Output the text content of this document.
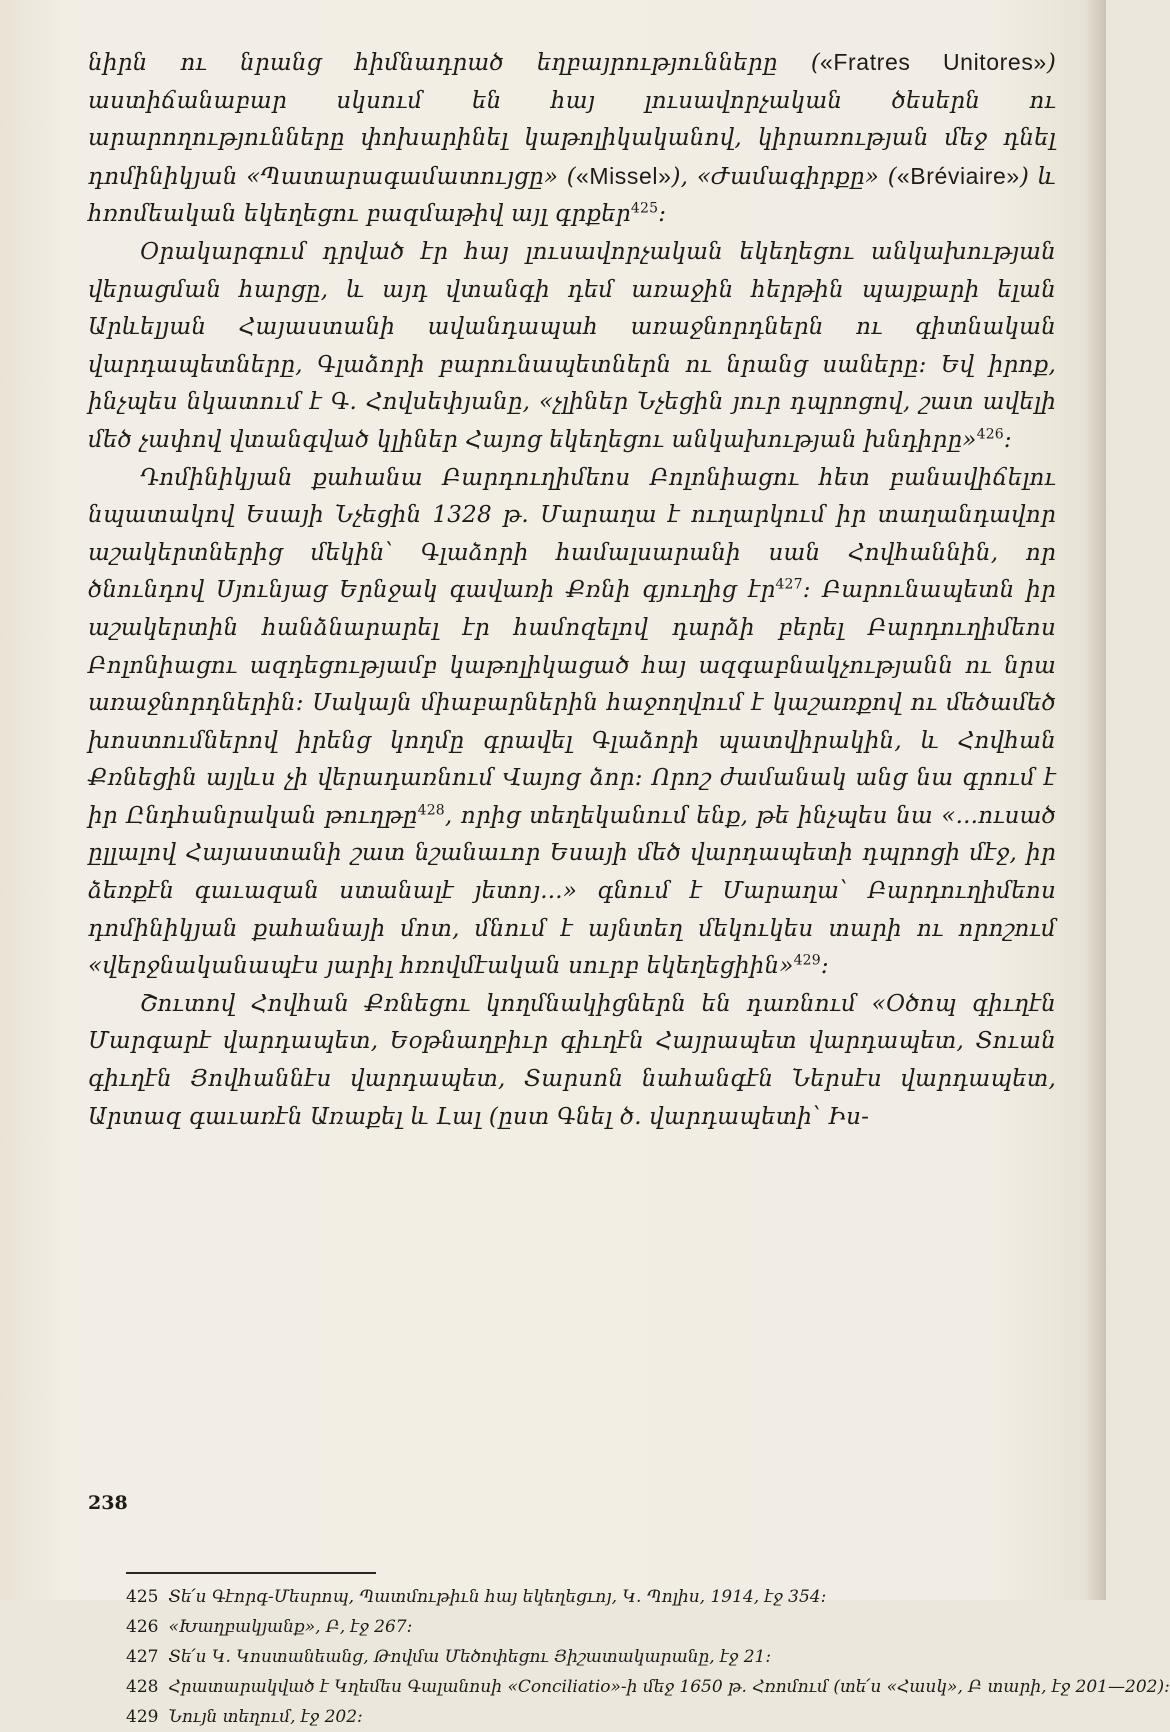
նիրն ու նրանց հիմնադրած եղբայրությունները («Fratres Unitores») աստիճանաբար սկսում են հայ լուսավորչական ծեսերն ու արարողությունները փոխարինել կաթոլիկականով, կիրառության մեջ դնել դոմինիկյան «Պատարագամատույցը» («Missel»), «Ժամագիրքը» («Bréviaire») և հռոմեական եկեղեցու բազմաթիվ այլ գրքեր$^{425}$:

Օրակարգում դրված էր հայ լուսավորչական եկեղեցու անկախության վերացման հարցը, և այդ վտանգի դեմ առաջին հերթին պայքարի ելան Արևելյան Հայաստանի ավանդապահ առաջնորդներն ու գիտնական վարդապետները, Գլաձորի բարունապետներն ու նրանց սաները: Եվ իրոք, ինչպես նկատում է Գ. Հովսեփյանը, «չլիներ Նչեցին յուր դպրոցով, շատ ավելի մեծ չափով վտանգված կլիներ Հայոց եկեղեցու անկախության խնդիրը»$^{426}$:

Դոմինիկյան քահանա Բարդուղիմեոս Բոլոնիացու հետ բանավիճելու նպատակով Եսայի Նչեցին 1328 թ. Մարաղա է ուղարկում իր տաղանդավոր աշակերտներից մեկին՝ Գլաձորի համալսարանի սան Հովհաննին, որ ծնունդով Սյունյաց Երնջակ գավառի Քռնի գյուղից էր$^{427}$: Բարունապետն իր աշակերտին հանձնարարել էր համոզելով դարձի բերել Բարդուղիմեոս Բոլոնիացու ազդեցությամբ կաթոլիկացած հայ ազգաբնակչությանն ու նրա առաջնորդներին: Սակայն միաբարներին հաջողվում է կաշառքով ու մեծամեծ խոստումներով իրենց կողմը գրավել Գլաձորի պատվիրակին, և Հովհան Քռնեցին այլևս չի վերադառնում Վայոց ձոր: Որոշ ժամանակ անց նա գրում է իր Ընդհանրական թուղթը$^{428}$, որից տեղեկանում ենք, թե ինչպես նա «...ուսած ըլլալով Հայաստանի շատ նշանաւոր Եսայի մեծ վարդապետի դպրոցի մէջ, իր ձեռքէն գաւազան ստանալէ յետոյ...» գնում է Մարաղա՝ Բարդուղիմեոս դոմինիկյան քահանայի մոտ, մնում է այնտեղ մեկուկես տարի ու որոշում «վերջնականապէս յարիլ հռովմէական սուրբ եկեղեցիին»$^{429}$:

Շուտով Հովհան Քռնեցու կողմնակիցներն են դառնում «Օծոպ գիւղէն Մարգարէ վարդապետ, Եօթնաղբիւր գիւղէն Հայրապետ վարդապետ, Տուան գիւղէն Յովհաննէս վարդապետ, Տարսոն նահանգէն Ներսէս վարդապետ, Արտազ գաւառէն Առաքել և Լալ (ըստ Գնել ծ. վարդապետի՝ Իս-

238
425 Տե՛ս Գէորգ-Մեսրոպ, Պատմութիւն հայ եկեղեցւոյ, Կ. Պոլիս, 1914, էջ 354:
426 «Խաղբակյանք», Բ, էջ 267:
427 Տե՛ս Կ. Կոստանեանց, Թովմա Մեծոփեցու Յիշատակարանը, էջ 21:
428 Հրատարակված է Կղեմես Գալանոսի «Conciliatio»-ի մեջ 1650 թ. Հռոմում (տե՛ս «Հասկ», Բ տարի, էջ 201—202):
429 Նույն տեղում, էջ 202:
